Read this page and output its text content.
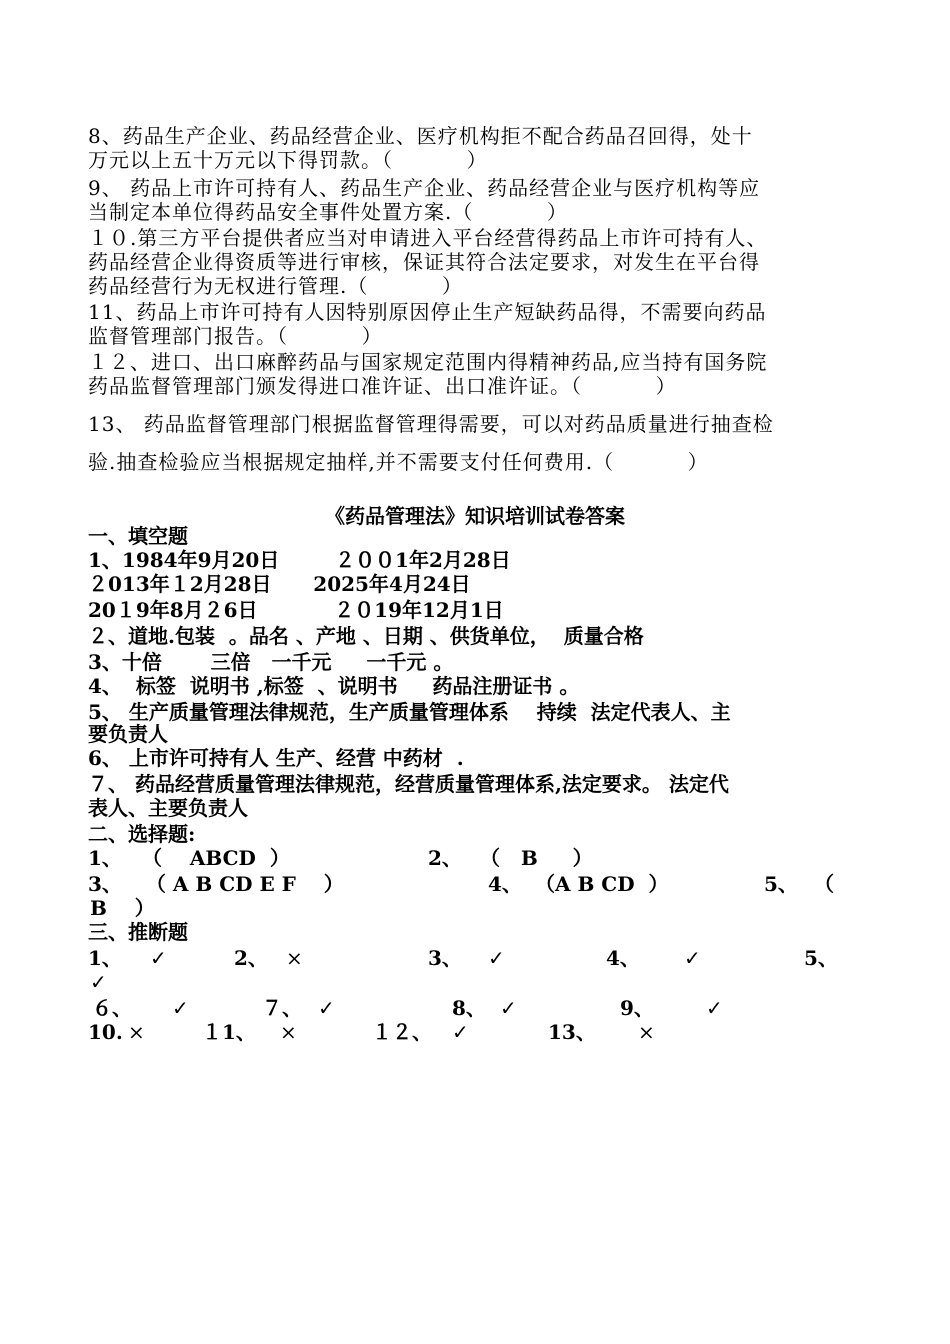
8、药品生产企业、药品经营企业、医疗机构拒不配合药品召回得，处十
万元以上五十万元以下得罚款。（          ）
9、 药品上市许可持有人、药品生产企业、药品经营企业与医疗机构等应
当制定本单位得药品安全事件处置方案.（          ）
１０.第三方平台提供者应当对申请进入平台经营得药品上市许可持有人、
药品经营企业得资质等进行审核，保证其符合法定要求，对发生在平台得
药品经营行为无权进行管理.（          ）
11、药品上市许可持有人因特别原因停止生产短缺药品得，不需要向药品
监督管理部门报告。（          ）
１２、进口、出口麻醉药品与国家规定范围内得精神药品,应当持有国务院
药品监督管理部门颁发得进口准许证、出口准许证。（          ）
13、 药品监督管理部门根据监督管理得需要，可以对药品质量进行抽查检
验.抽查检验应当根据规定抽样,并不需要支付任何费用.（          ）
《药品管理法》知识培训试卷答案
一、填空题
1、1984年9月20日        ２００1年2月28日
２013年１2月28日      2025年4月24日
20１9年8月２6日           ２０19年12月1日
２、道地.包装  。品名 、产地 、日期 、供货单位，  质量合格
3、十倍       三倍   一千元     一千元 。
4、  标签  说明书 ,标签  、说明书     药品注册证书 。
5、 生产质量管理法律规范，生产质量管理体系    持续  法定代表人、主
要负责人
6、 上市许可持有人 生产、经营 中药材  .
７、 药品经营质量管理法律规范，经营质量管理体系,法定要求。 法定代
表人、主要负责人
二、选择题:
1、 （    ABCD  ）	2、 （   B     ）
3、 （ A B CD E F    ）	4、 （A B CD  ）	5、 （
B    ）
三、推断题
1、 ✓	2、 ×	3、 ✓	4、 ✓	5、
✓
６、 ✓	７、 ✓	8、 ✓	9、	✓
10. ×	１1、 ×	１２、 ✓	13、 ×
